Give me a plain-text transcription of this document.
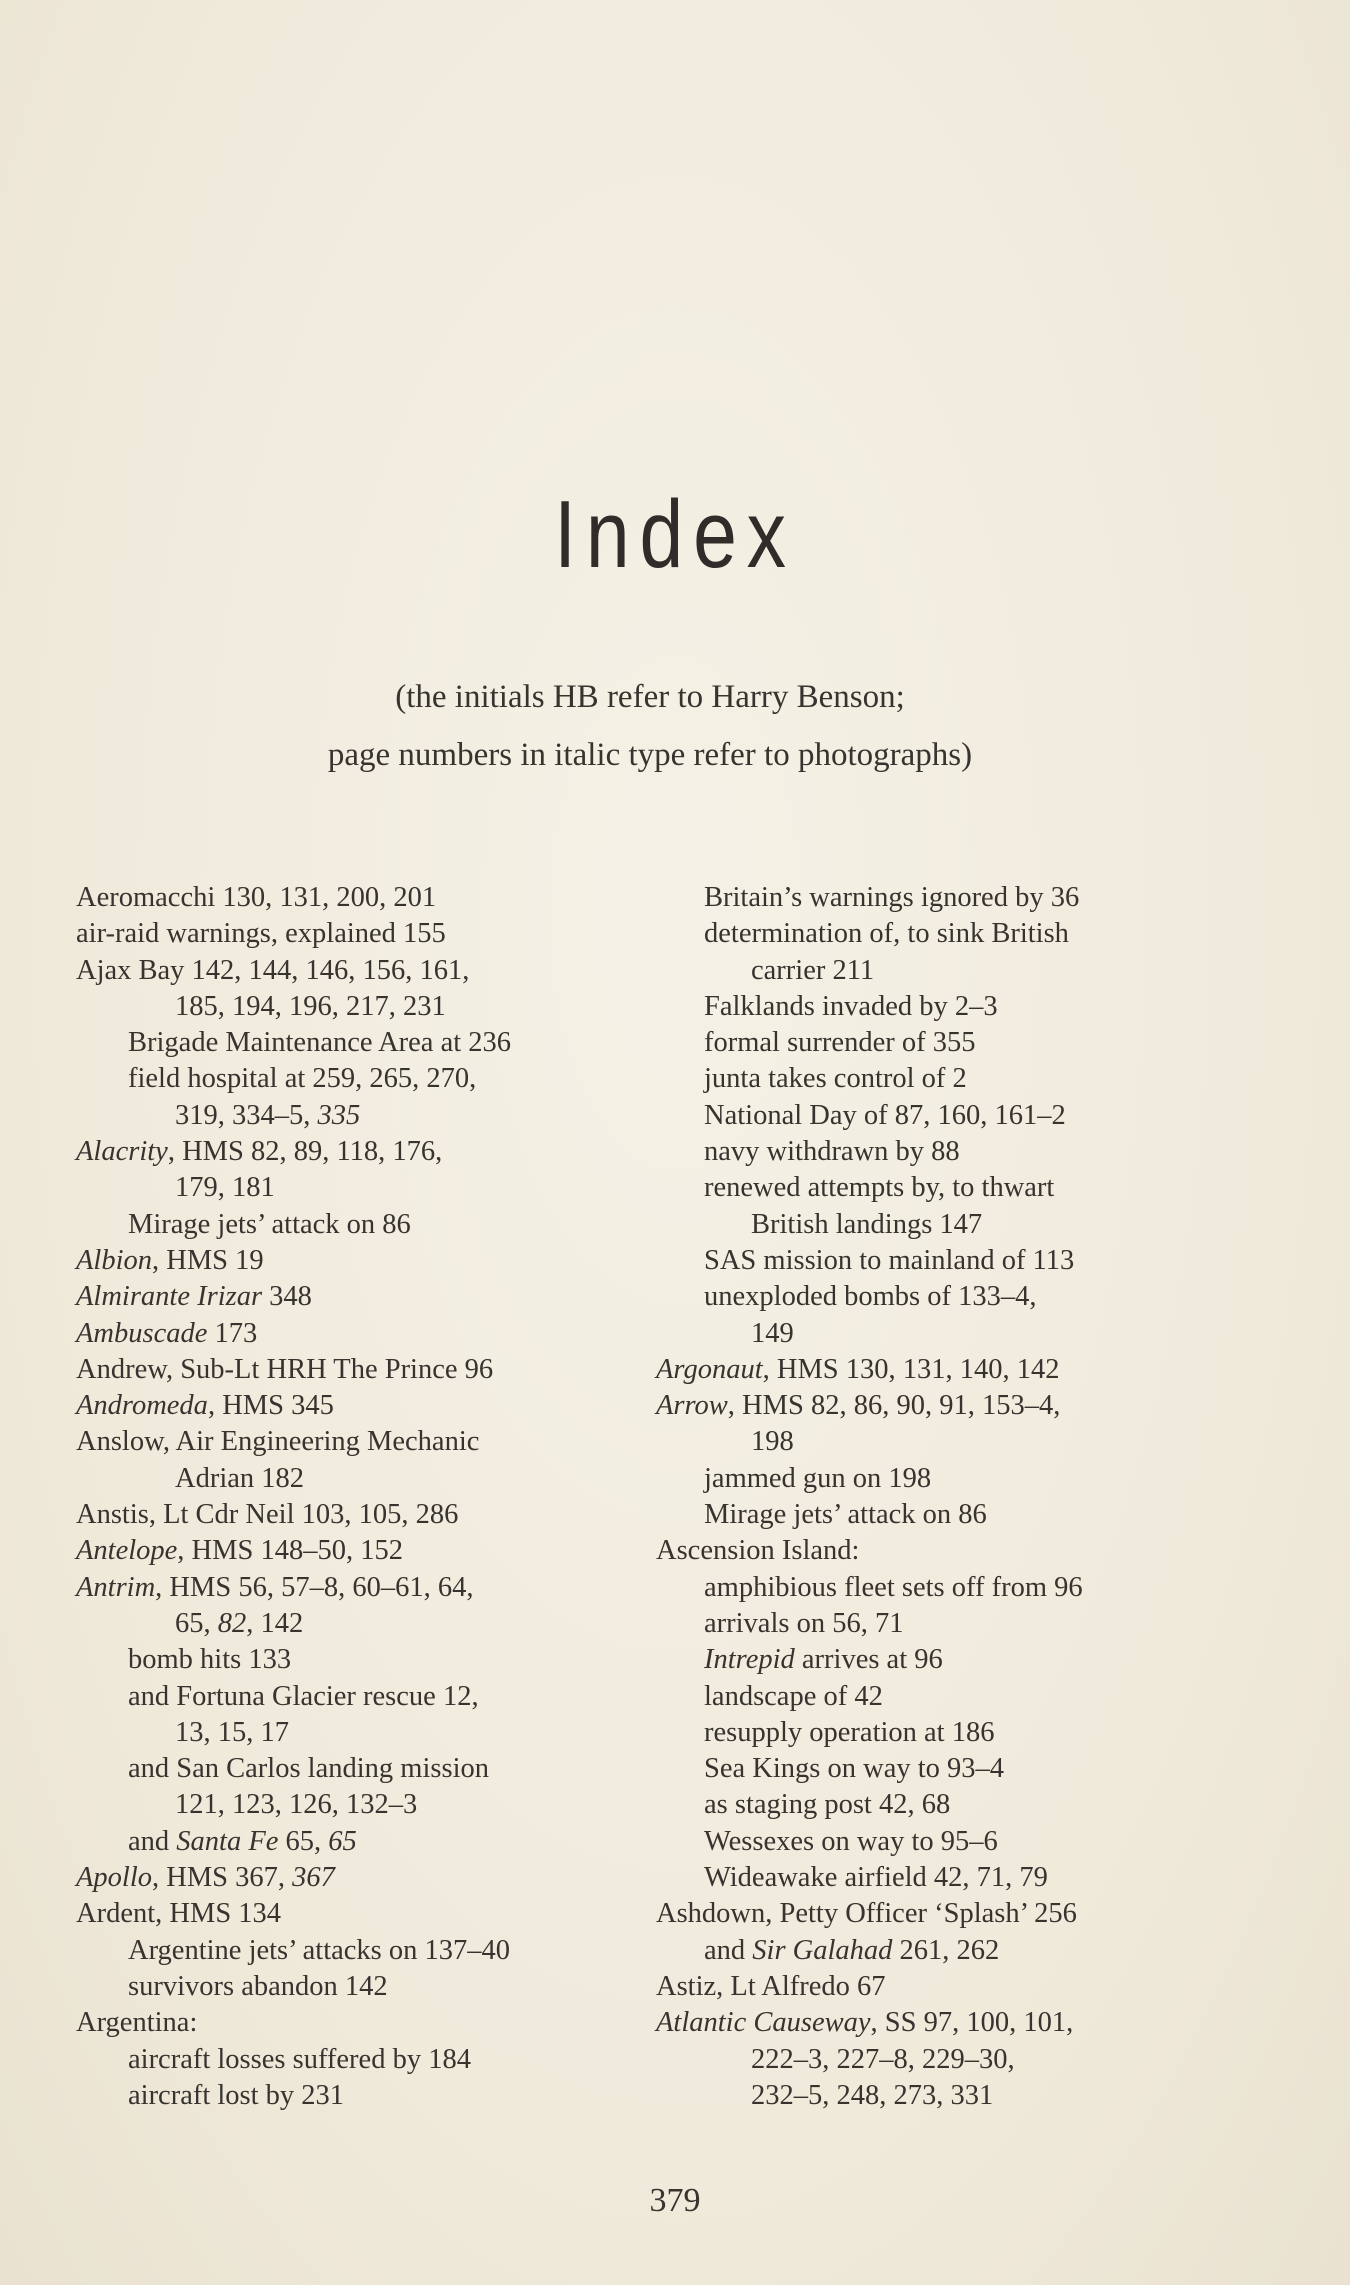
Index
(the initials HB refer to Harry Benson;
page numbers in italic type refer to photographs)
Aeromacchi 130, 131, 200, 201
air-raid warnings, explained 155
Ajax Bay 142, 144, 146, 156, 161,
185, 194, 196, 217, 231
Brigade Maintenance Area at 236
field hospital at 259, 265, 270,
319, 334–5, 335
Alacrity, HMS 82, 89, 118, 176,
179, 181
Mirage jets’ attack on 86
Albion, HMS 19
Almirante Irizar 348
Ambuscade 173
Andrew, Sub-Lt HRH The Prince 96
Andromeda, HMS 345
Anslow, Air Engineering Mechanic
Adrian 182
Anstis, Lt Cdr Neil 103, 105, 286
Antelope, HMS 148–50, 152
Antrim, HMS 56, 57–8, 60–61, 64,
65, 82, 142
bomb hits 133
and Fortuna Glacier rescue 12,
13, 15, 17
and San Carlos landing mission
121, 123, 126, 132–3
and Santa Fe 65, 65
Apollo, HMS 367, 367
Ardent, HMS 134
Argentine jets’ attacks on 137–40
survivors abandon 142
Argentina:
aircraft losses suffered by 184
aircraft lost by 231
Britain’s warnings ignored by 36
determination of, to sink British
carrier 211
Falklands invaded by 2–3
formal surrender of 355
junta takes control of 2
National Day of 87, 160, 161–2
navy withdrawn by 88
renewed attempts by, to thwart
British landings 147
SAS mission to mainland of 113
unexploded bombs of 133–4,
149
Argonaut, HMS 130, 131, 140, 142
Arrow, HMS 82, 86, 90, 91, 153–4,
198
jammed gun on 198
Mirage jets’ attack on 86
Ascension Island:
amphibious fleet sets off from 96
arrivals on 56, 71
Intrepid arrives at 96
landscape of 42
resupply operation at 186
Sea Kings on way to 93–4
as staging post 42, 68
Wessexes on way to 95–6
Wideawake airfield 42, 71, 79
Ashdown, Petty Officer ‘Splash’ 256
and Sir Galahad 261, 262
Astiz, Lt Alfredo 67
Atlantic Causeway, SS 97, 100, 101,
222–3, 227–8, 229–30,
232–5, 248, 273, 331
379
